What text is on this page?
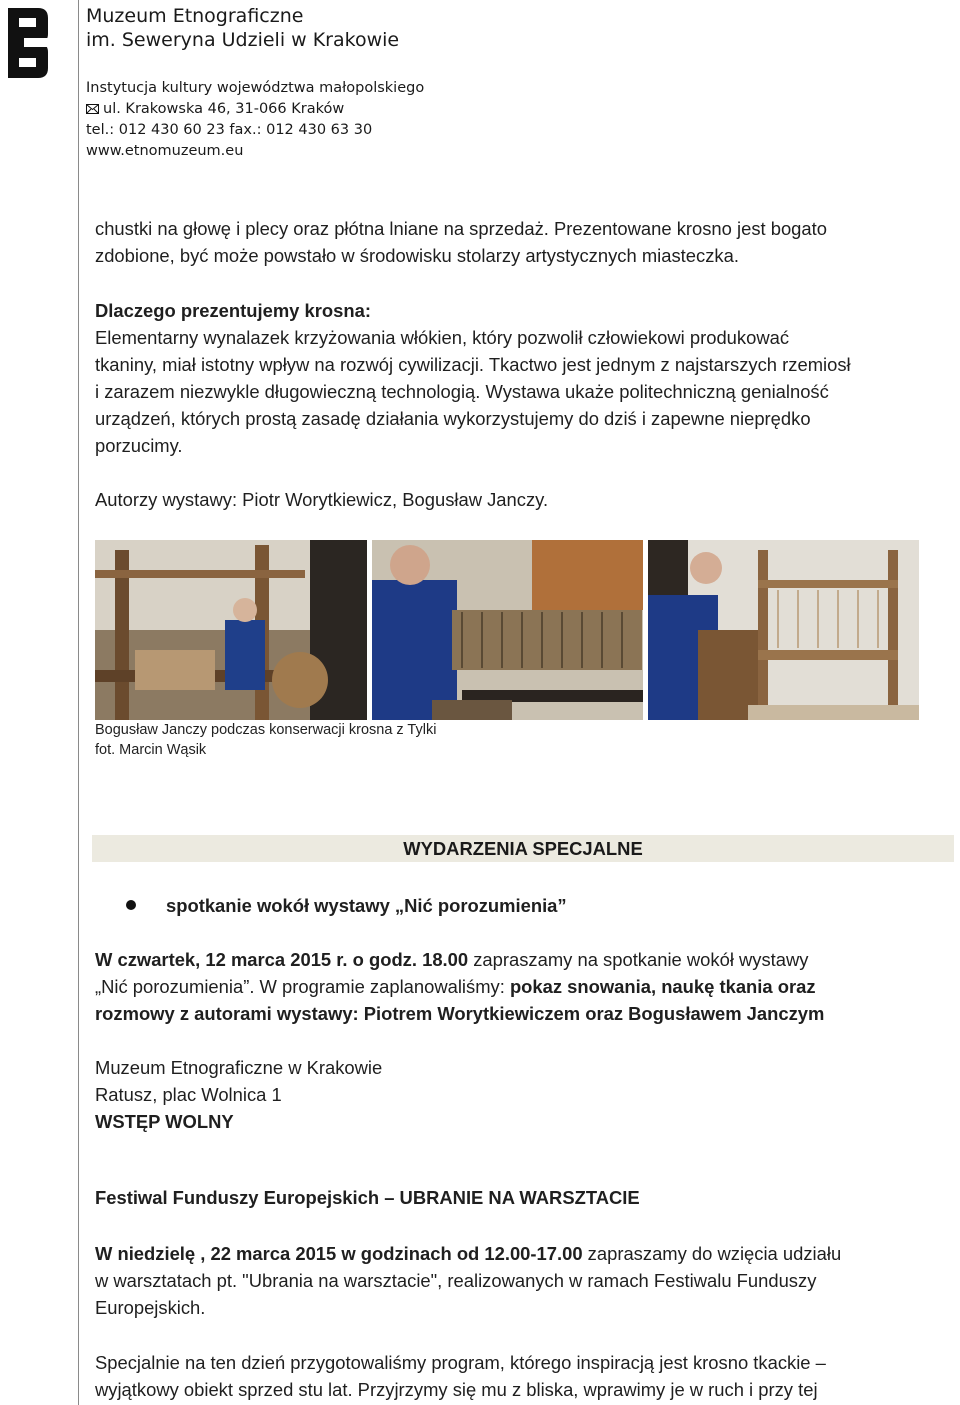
Muzeum Etnograficzne
im. Seweryna Udzieli w Krakowie
Instytucja kultury województwa małopolskiego
ul. Krakowska 46, 31-066 Kraków
tel.: 012 430 60 23 fax.: 012 430 63 30
www.etnomuzeum.eu
chustki na głowę i plecy oraz płótna lniane na sprzedaż. Prezentowane krosno jest bogato
zdobione, być może powstało w środowisku stolarzy artystycznych miasteczka.
Dlaczego prezentujemy krosna:
Elementarny wynalazek krzyżowania włókien, który pozwolił człowiekowi produkować
tkaniny, miał istotny wpływ na rozwój cywilizacji. Tkactwo jest jednym z najstarszych rzemiosł
i zarazem niezwykle długowieczną technologią. Wystawa ukaże politechniczną genialność
urządzeń, których prostą zasadę działania wykorzystujemy do dziś i zapewne nieprędko
porzucimy.
Autorzy wystawy: Piotr Worytkiewicz, Bogusław Janczy.
Bogusław Janczy podczas konserwacji krosna z Tylki
fot. Marcin Wąsik
WYDARZENIA SPECJALNE
spotkanie wokół wystawy „Nić porozumienia”
W czwartek, 12 marca 2015 r. o godz. 18.00 zapraszamy na spotkanie wokół wystawy
„Nić porozumienia”. W programie zaplanowaliśmy: pokaz snowania, naukę tkania oraz
rozmowy z autorami wystawy: Piotrem Worytkiewiczem oraz Bogusławem Janczym
Muzeum Etnograficzne w Krakowie
Ratusz, plac Wolnica 1
WSTĘP WOLNY
Festiwal Funduszy Europejskich – UBRANIE NA WARSZTACIE
W niedzielę , 22 marca 2015 w godzinach od 12.00-17.00 zapraszamy do wzięcia udziału
w warsztatach pt. "Ubrania na warsztacie", realizowanych w ramach Festiwalu Funduszy
Europejskich.
Specjalnie na ten dzień przygotowaliśmy program, którego inspiracją jest krosno tkackie –
wyjątkowy obiekt sprzed stu lat. Przyjrzymy się mu z bliska, wprawimy je w ruch i przy tej
